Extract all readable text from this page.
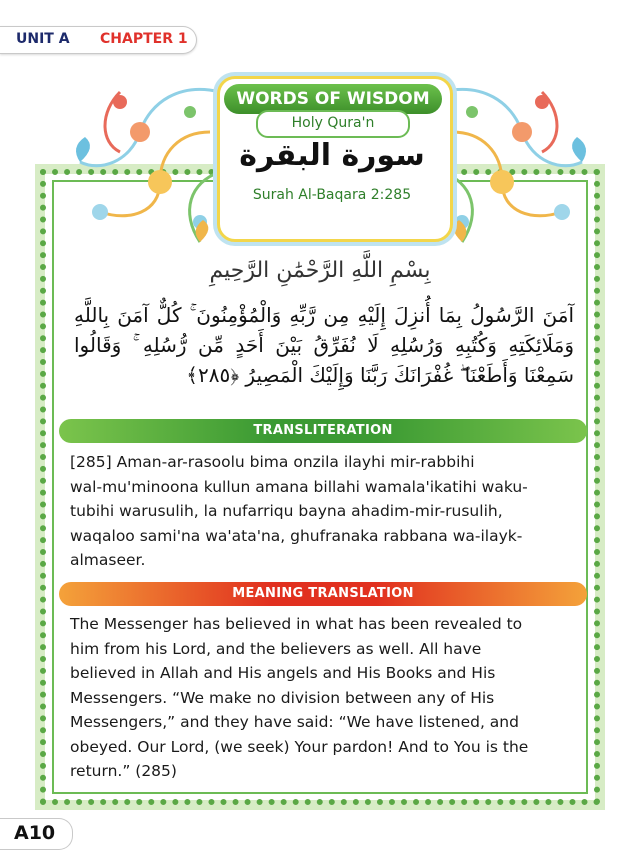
UNIT A CHAPTER 1
WORDS OF WISDOM
Holy Qura'n
سورة البقرة
Surah Al-Baqara 2:285
بِسْمِ اللَّهِ الرَّحْمَٰنِ الرَّحِيمِ
آمَنَ الرَّسُولُ بِمَا أُنزِلَ إِلَيْهِ مِن رَّبِّهِ وَالْمُؤْمِنُونَ ۚ كُلٌّ آمَنَ بِاللَّهِ وَمَلَائِكَتِهِ وَكُتُبِهِ وَرُسُلِهِ لَا نُفَرِّقُ بَيْنَ أَحَدٍ مِّن رُّسُلِهِ ۚ وَقَالُوا سَمِعْنَا وَأَطَعْنَا ۖ غُفْرَانَكَ رَبَّنَا وَإِلَيْكَ الْمَصِيرُ ﴿٢٨٥﴾
TRANSLITERATION
[285] Aman-ar-rasoolu bima onzila ilayhi mir-rabbihi
wal-mu'minoona kullun amana billahi wamala'ikatihi waku-
tubihi warusulih, la nufarriqu bayna ahadim-mir-rusulih,
waqaloo sami'na wa'ata'na, ghufranaka rabbana wa-ilayk-
almaseer.
MEANING TRANSLATION
The Messenger has believed in what has been revealed to
him from his Lord, and the believers as well. All have
believed in Allah and His angels and His Books and His
Messengers. “We make no division between any of His
Messengers,” and they have said: “We have listened, and
obeyed. Our Lord, (we seek) Your pardon! And to You is the
return.” (285)
A10
